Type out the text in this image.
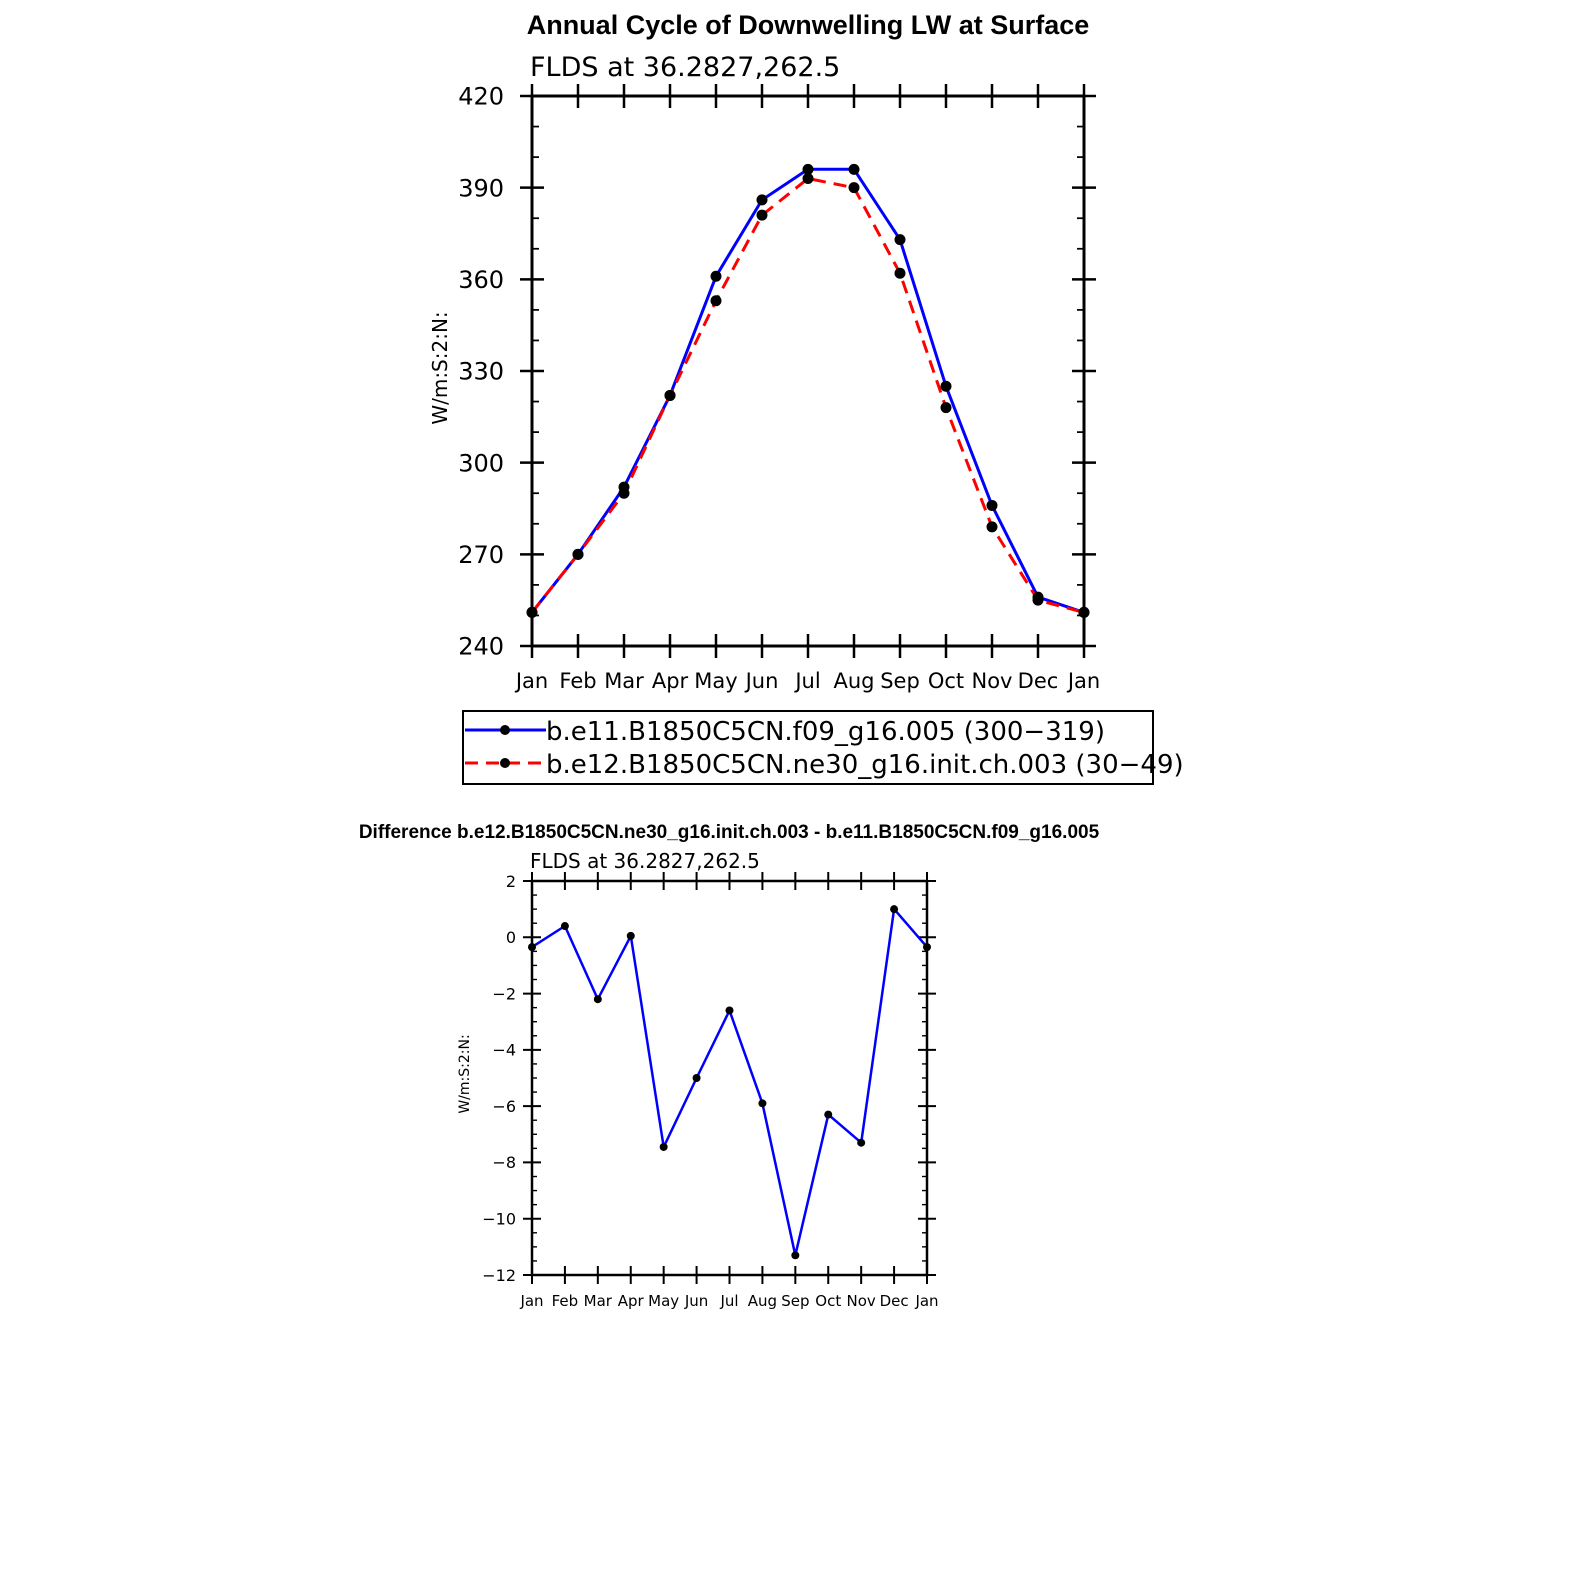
Annual Cycle of Downwelling LW at Surface
FLDS at 36.2827,262.5
W/m:S:2:N:
Jan Feb Mar Apr May Jun Jul Aug Sep Oct Nov Dec Jan
240
270
300
330
360
390
420
b.e11.B1850C5CN.f09_g16.005 (300−319)
b.e12.B1850C5CN.ne30_g16.init.ch.003 (30−49)
Difference b.e12.B1850C5CN.ne30_g16.init.ch.003 - b.e11.B1850C5CN.f09_g16.005
FLDS at 36.2827,262.5
W/m:S:2:N:
Jan Feb Mar Apr May Jun Jul Aug Sep Oct Nov Dec Jan
−12
−10
−8
−6
−4
−2
0
2
